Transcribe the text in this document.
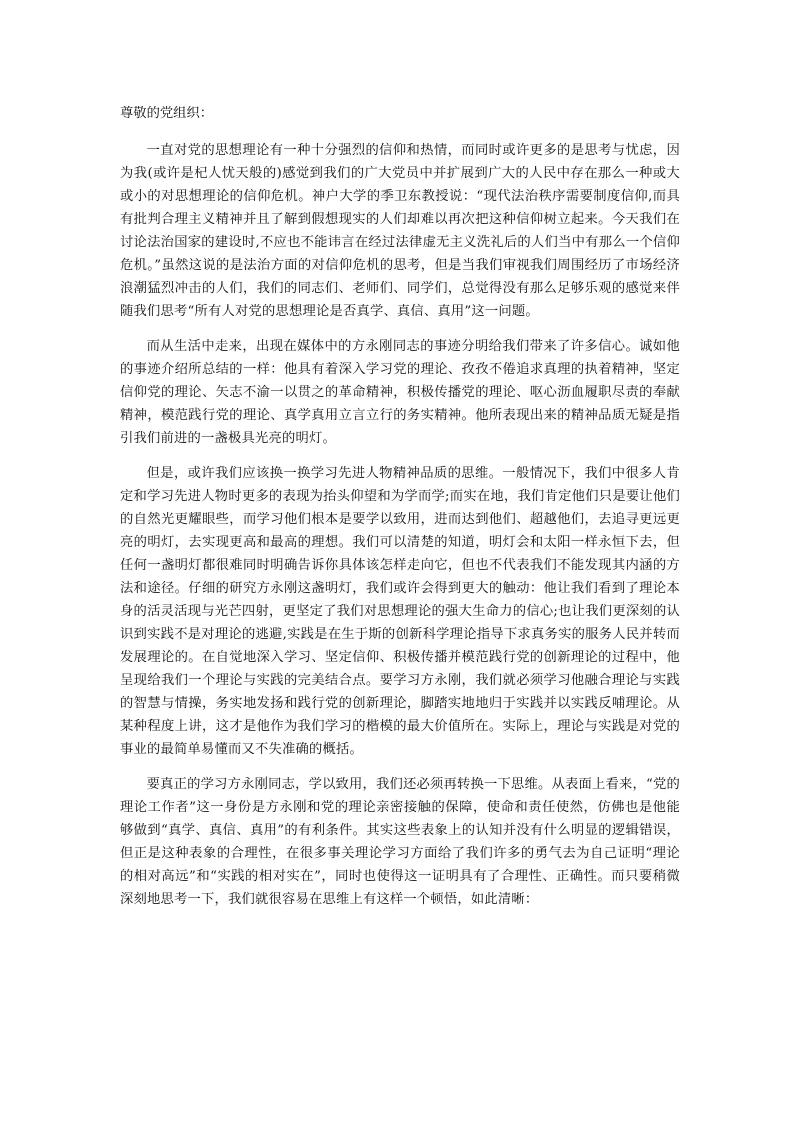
尊敬的党组织：

一直对党的思想理论有一种十分强烈的信仰和热情，而同时或许更多的是思考与忧虑，因为我(或许是杞人忧天般的)感觉到我们的广大党员中并扩展到广大的人民中存在那么一种或大或小的对思想理论的信仰危机。神户大学的季卫东教授说：“现代法治秩序需要制度信仰,而具有批判合理主义精神并且了解到假想现实的人们却难以再次把这种信仰树立起来。今天我们在讨论法治国家的建设时,不应也不能讳言在经过法律虚无主义洗礼后的人们当中有那么一个信仰危机。”虽然这说的是法治方面的对信仰危机的思考，但是当我们审视我们周围经历了市场经济浪潮猛烈冲击的人们，我们的同志们、老师们、同学们，总觉得没有那么足够乐观的感觉来伴随我们思考“所有人对党的思想理论是否真学、真信、真用”这一问题。

而从生活中走来，出现在媒体中的方永刚同志的事迹分明给我们带来了许多信心。诚如他的事迹介绍所总结的一样：他具有着深入学习党的理论、孜孜不倦追求真理的执着精神，坚定信仰党的理论、矢志不渝一以贯之的革命精神，积极传播党的理论、呕心沥血履职尽责的奉献精神，模范践行党的理论、真学真用立言立行的务实精神。他所表现出来的精神品质无疑是指引我们前进的一盏极具光亮的明灯。

但是，或许我们应该换一换学习先进人物精神品质的思维。一般情况下，我们中很多人肯定和学习先进人物时更多的表现为抬头仰望和为学而学;而实在地，我们肯定他们只是要让他们的自然光更耀眼些，而学习他们根本是要学以致用，进而达到他们、超越他们，去追寻更远更亮的明灯，去实现更高和最高的理想。我们可以清楚的知道，明灯会和太阳一样永恒下去，但任何一盏明灯都很难同时明确告诉你具体该怎样走向它，但也不代表我们不能发现其内涵的方法和途径。仔细的研究方永刚这盏明灯，我们或许会得到更大的触动：他让我们看到了理论本身的活灵活现与光芒四射，更坚定了我们对思想理论的强大生命力的信心;也让我们更深刻的认识到实践不是对理论的逃避,实践是在生于斯的创新科学理论指导下求真务实的服务人民并转而发展理论的。在自觉地深入学习、坚定信仰、积极传播并模范践行党的创新理论的过程中，他呈现给我们一个理论与实践的完美结合点。要学习方永刚，我们就必须学习他融合理论与实践的智慧与情操，务实地发扬和践行党的创新理论，脚踏实地地归于实践并以实践反哺理论。从某种程度上讲，这才是他作为我们学习的楷模的最大价值所在。实际上，理论与实践是对党的事业的最简单易懂而又不失准确的概括。

要真正的学习方永刚同志，学以致用，我们还必须再转换一下思维。从表面上看来，“党的理论工作者”这一身份是方永刚和党的理论亲密接触的保障，使命和责任使然，仿佛也是他能够做到“真学、真信、真用”的有利条件。其实这些表象上的认知并没有什么明显的逻辑错误，但正是这种表象的合理性，在很多事关理论学习方面给了我们许多的勇气去为自己证明“理论的相对高远”和“实践的相对实在”，同时也使得这一证明具有了合理性、正确性。而只要稍微深刻地思考一下，我们就很容易在思维上有这样一个顿悟，如此清晰：
